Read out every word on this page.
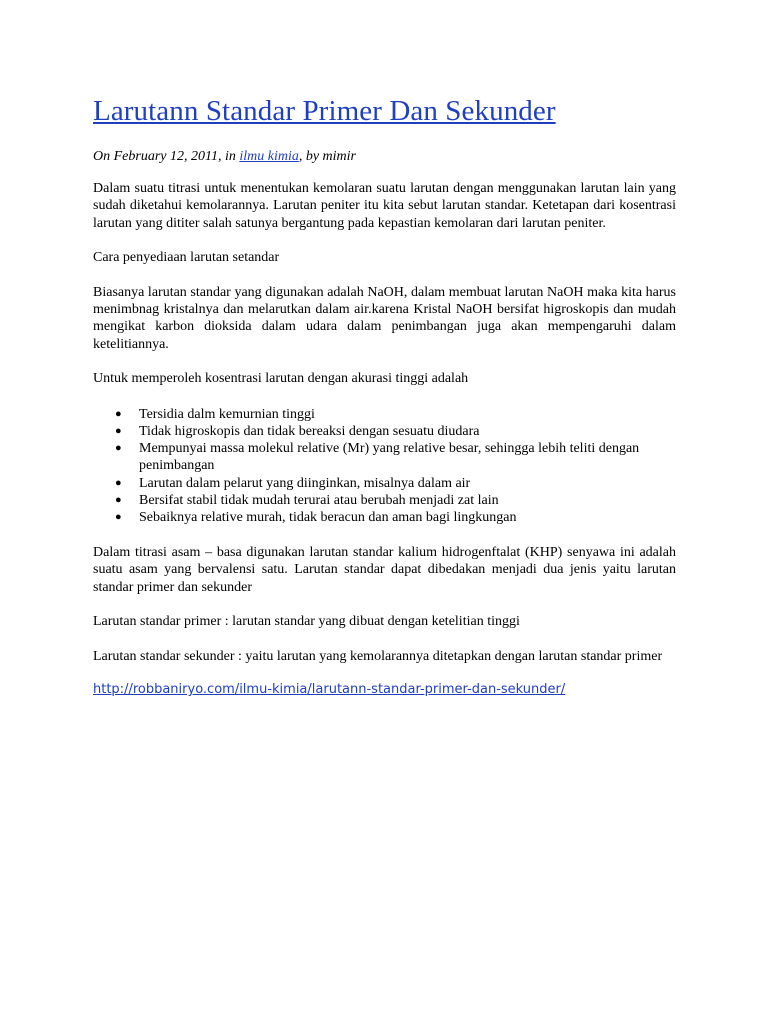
Larutann Standar Primer Dan Sekunder
On February 12, 2011, in ilmu kimia, by mimir

Dalam suatu titrasi untuk menentukan kemolaran suatu larutan dengan menggunakan larutan lain yang sudah diketahui kemolarannya. Larutan peniter itu kita sebut larutan standar. Ketetapan dari kosentrasi larutan yang dititer salah satunya bergantung pada kepastian kemolaran dari larutan peniter.

Cara penyediaan larutan setandar

Biasanya larutan standar yang digunakan adalah NaOH, dalam membuat larutan NaOH maka kita harus menimbnag kristalnya dan melarutkan dalam air.karena Kristal NaOH bersifat higroskopis dan mudah mengikat karbon dioksida dalam udara dalam penimbangan juga akan mempengaruhi dalam ketelitiannya.

Untuk memperoleh kosentrasi larutan dengan akurasi tinggi adalah

● Tersidia dalm kemurnian tinggi
● Tidak higroskopis dan tidak bereaksi dengan sesuatu diudara
● Mempunyai massa molekul relative (Mr) yang relative besar, sehingga lebih teliti dengan penimbangan
● Larutan dalam pelarut yang diinginkan, misalnya dalam air
● Bersifat stabil tidak mudah terurai atau berubah menjadi zat lain
● Sebaiknya relative murah, tidak beracun dan aman bagi lingkungan

Dalam titrasi asam – basa digunakan larutan standar kalium hidrogenftalat (KHP) senyawa ini adalah suatu asam yang bervalensi satu. Larutan standar dapat dibedakan menjadi dua jenis yaitu larutan standar primer dan sekunder

Larutan standar primer : larutan standar yang dibuat dengan ketelitian tinggi

Larutan standar sekunder : yaitu larutan yang kemolarannya ditetapkan dengan larutan standar primer

http://robbaniryo.com/ilmu-kimia/larutann-standar-primer-dan-sekunder/
